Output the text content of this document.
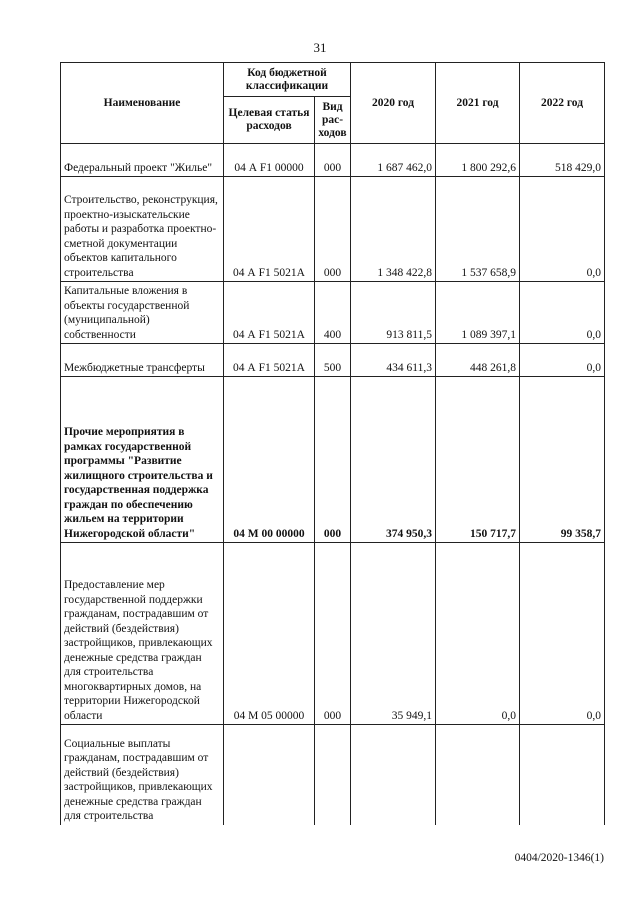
31
Наименование	Код бюджетной классификации		2020 год	2021 год	2022 год
	Целевая статья расходов	Вид рас-ходов			
Федеральный проект "Жилье"	04 А F1 00000	000	1 687 462,0	1 800 292,6	518 429,0
Строительство, реконструкция, проектно-изыскательские работы и разработка проектно-сметной документации объектов капитального строительства	04 А F1 5021A	000	1 348 422,8	1 537 658,9	0,0
Капитальные вложения в объекты государственной (муниципальной) собственности	04 А F1 5021A	400	913 811,5	1 089 397,1	0,0
Межбюджетные трансферты	04 А F1 5021A	500	434 611,3	448 261,8	0,0
Прочие мероприятия в рамках государственной программы "Развитие жилищного строительства и государственная поддержка граждан по обеспечению жильем на территории Нижегородской области"	04 М 00 00000	000	374 950,3	150 717,7	99 358,7
Предоставление мер государственной поддержки гражданам, пострадавшим от действий (бездействия) застройщиков, привлекающих денежные средства граждан для строительства многоквартирных домов, на территории Нижегородской области	04 М 05 00000	000	35 949,1	0,0	0,0
Социальные выплаты гражданам, пострадавшим от действий (бездействия) застройщиков, привлекающих денежные средства граждан для строительства					
0404/2020-1346(1)
